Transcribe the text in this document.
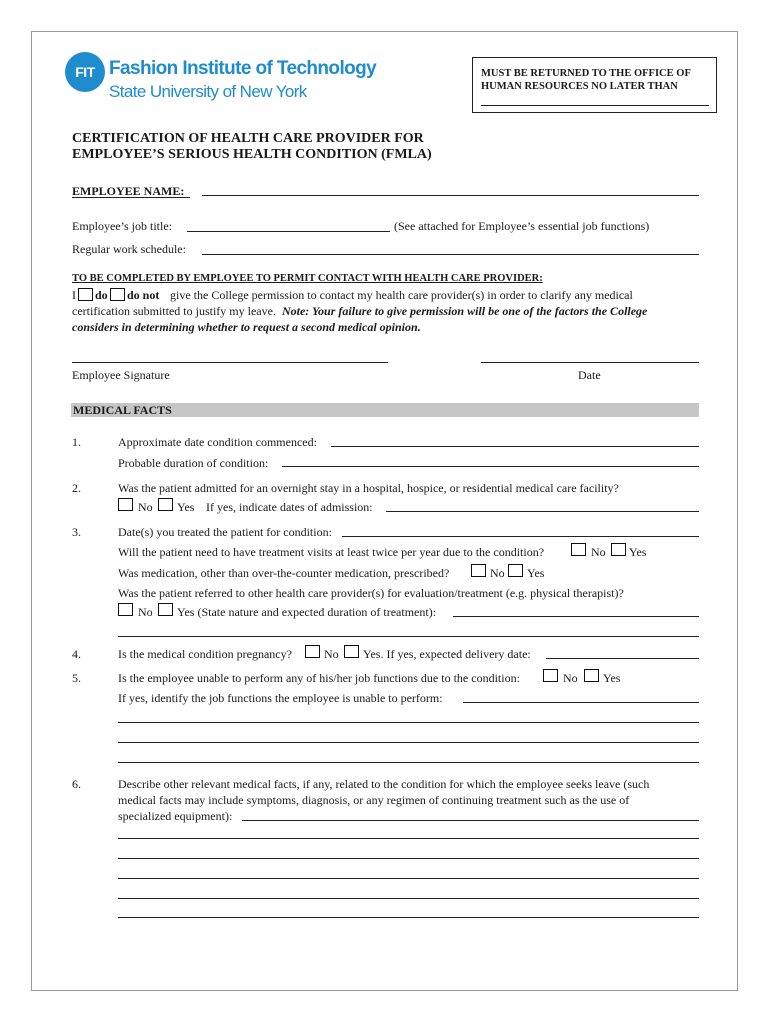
FIT Fashion Institute of Technology
State University of New York
MUST BE RETURNED TO THE OFFICE OF
HUMAN RESOURCES NO LATER THAN
CERTIFICATION OF HEALTH CARE PROVIDER FOR
EMPLOYEE’S SERIOUS HEALTH CONDITION (FMLA)
EMPLOYEE NAME:
Employee’s job title:	(See attached for Employee’s essential job functions)
Regular work schedule:
TO BE COMPLETED BY EMPLOYEE TO PERMIT CONTACT WITH HEALTH CARE PROVIDER:
I do do not give the College permission to contact my health care provider(s) in order to clarify any medical
certification submitted to justify my leave. Note: Your failure to give permission will be one of the factors the College
considers in determining whether to request a second medical opinion.
Employee Signature	Date
MEDICAL FACTS
1.	Approximate date condition commenced:
Probable duration of condition:
2.	Was the patient admitted for an overnight stay in a hospital, hospice, or residential medical care facility?
No Yes If yes, indicate dates of admission:
3.	Date(s) you treated the patient for condition:
Will the patient need to have treatment visits at least twice per year due to the condition?	No Yes
Was medication, other than over-the-counter medication, prescribed?	No Yes
Was the patient referred to other health care provider(s) for evaluation/treatment (e.g. physical therapist)?
No Yes (State nature and expected duration of treatment):
4.	Is the medical condition pregnancy?	No Yes. If yes, expected delivery date:
5.	Is the employee unable to perform any of his/her job functions due to the condition:	No Yes
If yes, identify the job functions the employee is unable to perform:
6.	Describe other relevant medical facts, if any, related to the condition for which the employee seeks leave (such
medical facts may include symptoms, diagnosis, or any regimen of continuing treatment such as the use of
specialized equipment):
